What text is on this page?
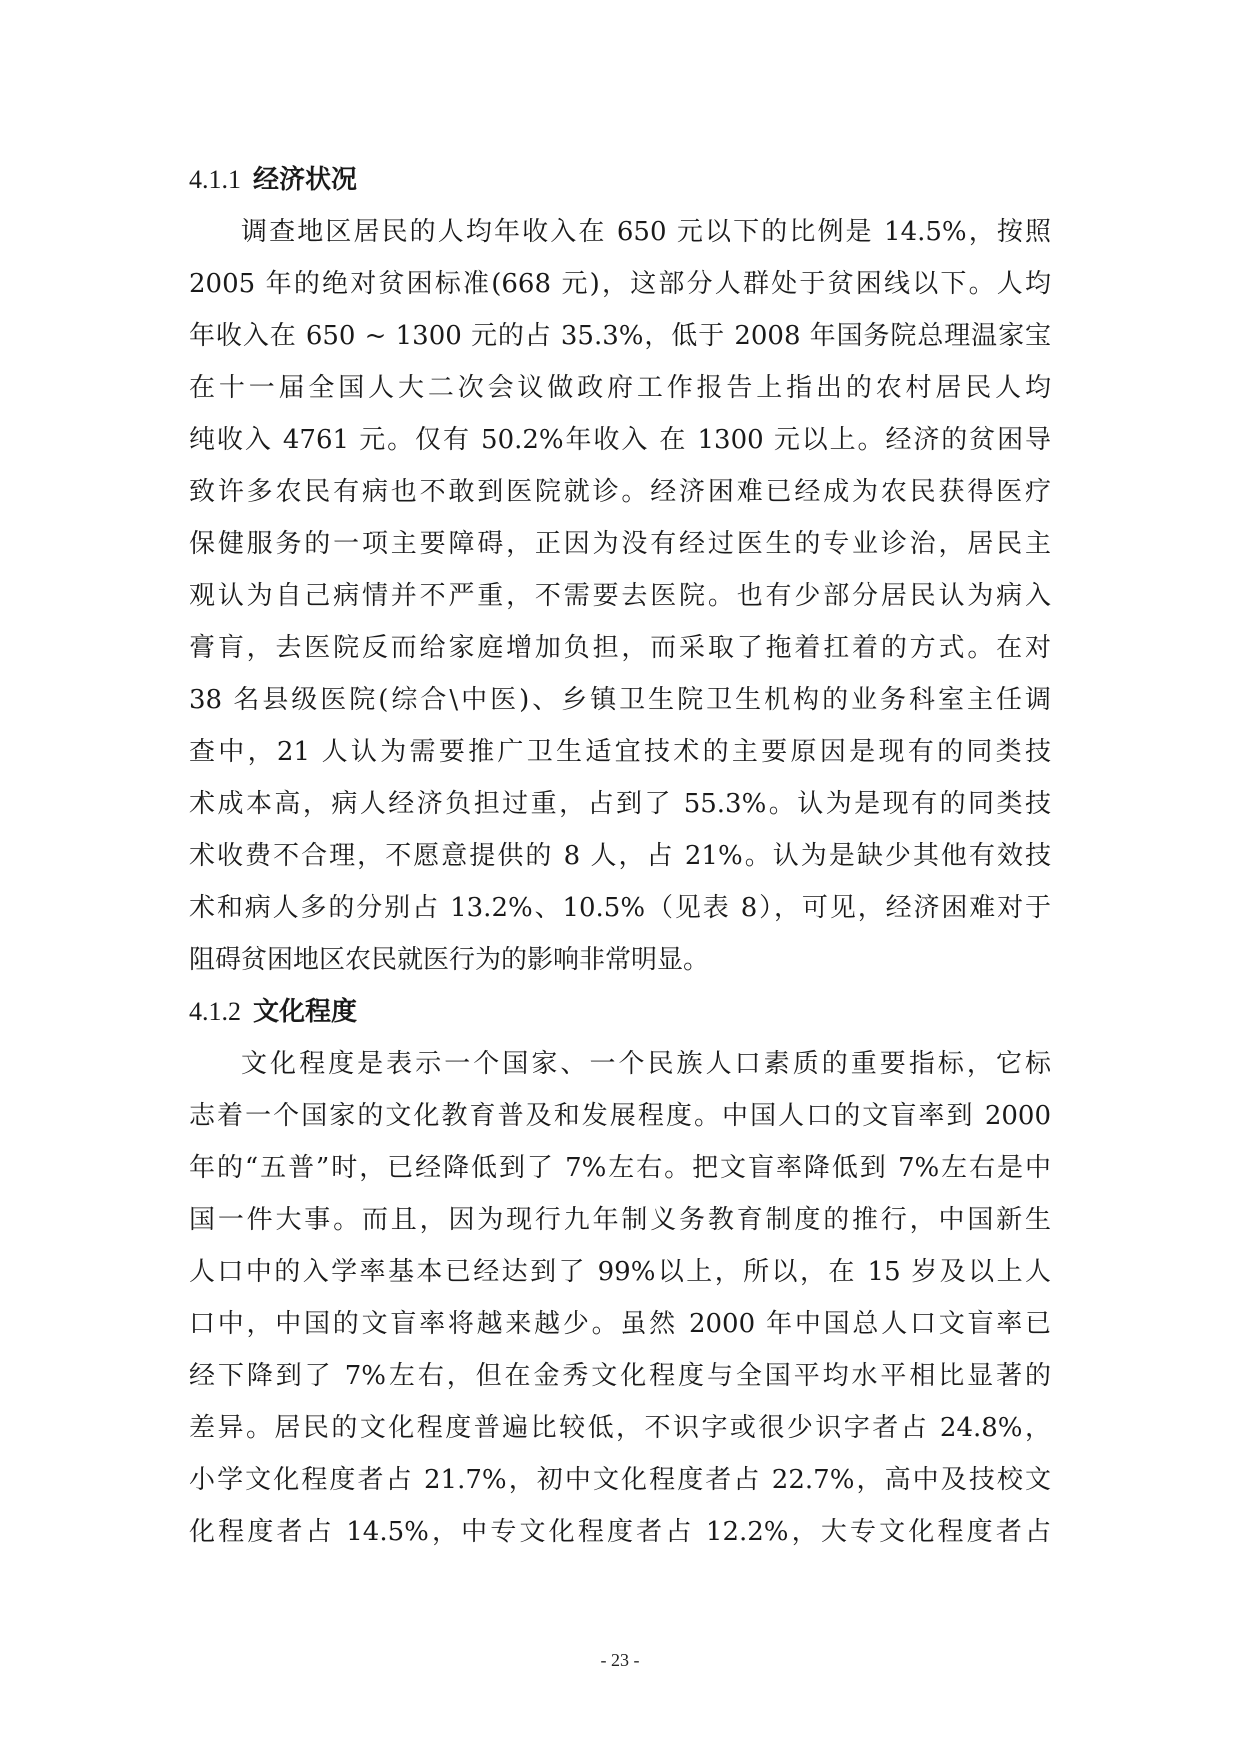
4.1.1 经济状况
调查地区居民的人均年收入在 650 元以下的比例是 14.5%，按照
2005 年的绝对贫困标准(668 元)，这部分人群处于贫困线以下。人均
年收入在 650 ~ 1300 元的占 35.3%，低于 2008 年国务院总理温家宝
在十一届全国人大二次会议做政府工作报告上指出的农村居民人均
纯收入 4761 元。仅有 50.2%年收入 在 1300 元以上。经济的贫困导
致许多农民有病也不敢到医院就诊。经济困难已经成为农民获得医疗
保健服务的一项主要障碍，正因为没有经过医生的专业诊治，居民主
观认为自己病情并不严重，不需要去医院。也有少部分居民认为病入
膏肓，去医院反而给家庭增加负担，而采取了拖着扛着的方式。在对
38 名县级医院(综合\中医)、乡镇卫生院卫生机构的业务科室主任调
查中，21 人认为需要推广卫生适宜技术的主要原因是现有的同类技
术成本高，病人经济负担过重，占到了 55.3%。认为是现有的同类技
术收费不合理，不愿意提供的 8 人，占 21%。认为是缺少其他有效技
术和病人多的分别占 13.2%、10.5%（见表 8），可见，经济困难对于
阻碍贫困地区农民就医行为的影响非常明显。
4.1.2 文化程度
文化程度是表示一个国家、一个民族人口素质的重要指标，它标
志着一个国家的文化教育普及和发展程度。中国人口的文盲率到 2000
年的“五普”时，已经降低到了 7%左右。把文盲率降低到 7%左右是中
国一件大事。而且，因为现行九年制义务教育制度的推行，中国新生
人口中的入学率基本已经达到了 99%以上，所以，在 15 岁及以上人
口中，中国的文盲率将越来越少。虽然 2000 年中国总人口文盲率已
经下降到了 7%左右，但在金秀文化程度与全国平均水平相比显著的
差异。居民的文化程度普遍比较低，不识字或很少识字者占 24.8%，
小学文化程度者占 21.7%，初中文化程度者占 22.7%，高中及技校文
化程度者占 14.5%，中专文化程度者占 12.2%，大专文化程度者占
- 23 -
